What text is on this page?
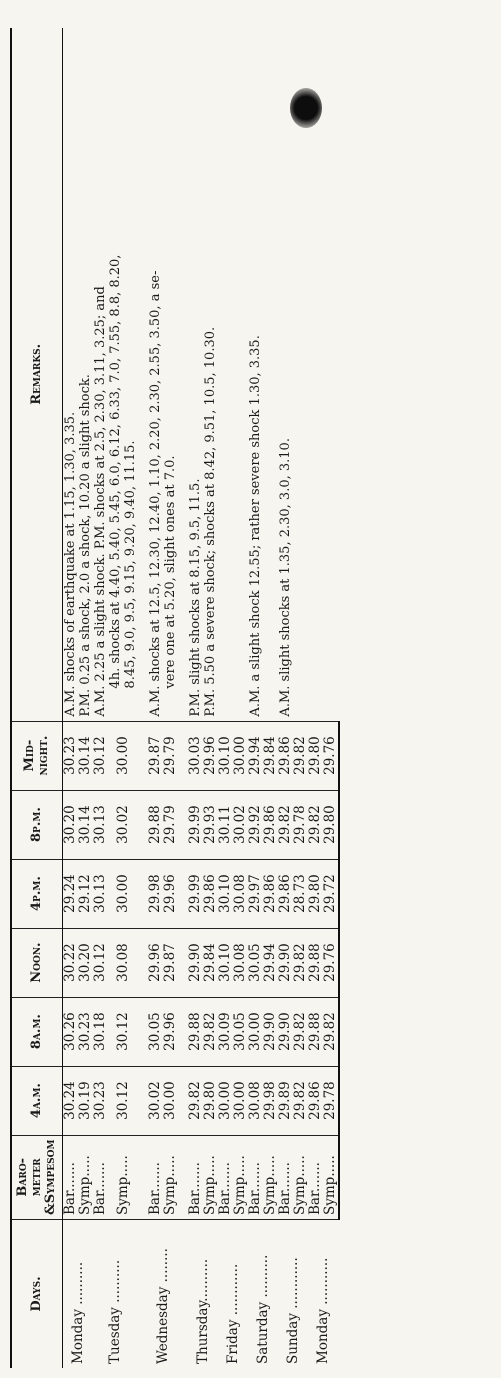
Days.	Baro-meter &Sympesom	4a.m.	8a.m.	Noon.	4p.m.	8p.m.	Mid-night.	Remarks.
Monday ..........	Bar.......	30.24	30.26	30.22	29.24	30.20	30.23	A.M. shocks of earthquake at 1.15, 1.30, 3.35. P.M. 0.25 a shock, 2.0 a shock, 10.20 a slight shock.

	Symp.....	30.19	30.23	30.20	29.12	30.14	30.14	
Tuesday ..........	Bar.......	30.23	30.18	30.12	30.13	30.13	30.12	A.M. 2.25 a slight shock. P.M. shocks at 2.5, 2.30, 3.11, 3.25; and 4h. shocks at 4.40, 5.40, 5.45, 6.0, 6.12, 6.33, 7.0, 7.55, 8.8, 8.20, 8.45, 9.0, 9.5, 9.15, 9.20, 9.40, 11.15.

	Symp.....	30.12	30.12	30.08	30.00	30.02	30.00	

Wednesday ........	Bar.......	30.02	30.05	29.96	29.98	29.88	29.87	A.M. shocks at 12.5, 12.30, 12.40, 1.10, 2.20, 2.30, 2.55, 3.50, a se- vere one at 5.20, slight ones at 7.0.

	Symp.....	30.00	29.96	29.87	29.96	29.79	29.79	

Thursday..........	Bar.......	29.82	29.88	29.90	29.99	29.99	30.03	P.M. slight shocks at 8.15, 9.5, 11.5. P.M. 5.50 a severe shock; shocks at 8.42, 9.51, 10.5, 10.30.

	Symp.....	29.80	29.82	29.84	29.86	29.93	29.96	
Friday ............	Bar.......	30.00	30.09	30.10	30.10	30.11	30.10	
	Symp.....	30.00	30.05	30.08	30.08	30.02	30.00	
Saturday ..........	Bar.......	30.08	30.00	30.05	29.97	29.92	29.94	A.M. a slight shock 12.55; rather severe shock 1.30, 3.35.

	Symp.....	29.98	29.90	29.94	29.86	29.86	29.84	
Sunday ............	Bar.......	29.89	29.90	29.90	29.86	29.82	29.86	A.M. slight shocks at 1.35, 2.30, 3.0, 3.10.

	Symp.....	29.82	29.82	29.82	28.73	29.78	29.82	
Monday ...........	Bar.......	29.86	29.88	29.88	29.80	29.82	29.80	
	Symp.....	29.78	29.82	29.76	29.72	29.80	29.76	
